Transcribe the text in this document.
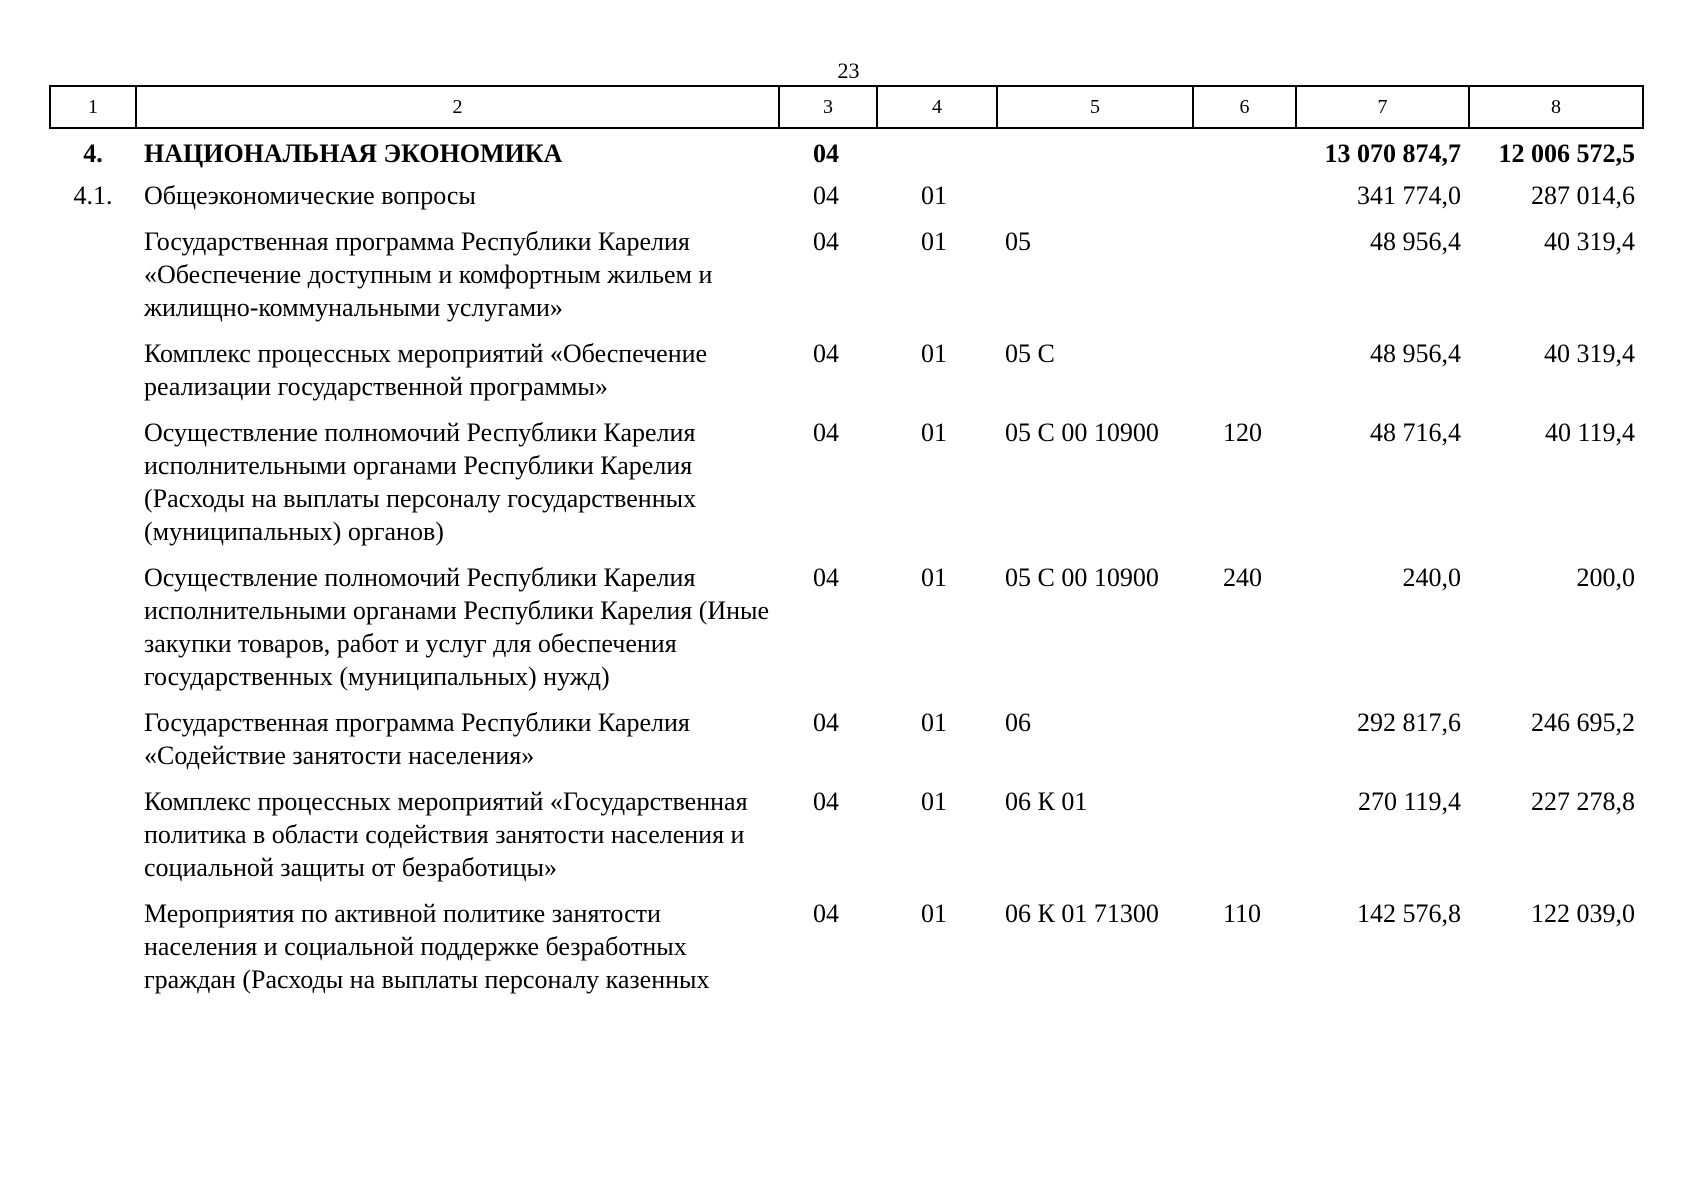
23
1	2	3	4	5	6	7	8
4.	НАЦИОНАЛЬНАЯ ЭКОНОМИКА	04				13 070 874,7	12 006 572,5
4.1.	Общеэкономические вопросы	04	01			341 774,0	287 014,6
	Государственная программа Республики Карелия «Обеспечение доступным и комфортным жильем и жилищно-коммунальными услугами»	04	01	05		48 956,4	40 319,4
	Комплекс процессных мероприятий «Обеспечение реализации государственной программы»	04	01	05 С		48 956,4	40 319,4
	Осуществление полномочий Республики Карелия исполнительными органами Республики Карелия (Расходы на выплаты персоналу государственных (муниципальных) органов)	04	01	05 С 00 10900	120	48 716,4	40 119,4
	Осуществление полномочий Республики Карелия исполнительными органами Республики Карелия (Иные закупки товаров, работ и услуг для обеспечения государственных (муниципальных) нужд)	04	01	05 С 00 10900	240	240,0	200,0
	Государственная программа Республики Карелия «Содействие занятости населения»	04	01	06		292 817,6	246 695,2
	Комплекс процессных мероприятий «Государственная политика в области содействия занятости населения и социальной защиты от безработицы»	04	01	06 К 01		270 119,4	227 278,8
	Мероприятия по активной политике занятости населения и социальной поддержке безработных граждан (Расходы на выплаты персоналу казенных	04	01	06 К 01 71300	110	142 576,8	122 039,0
